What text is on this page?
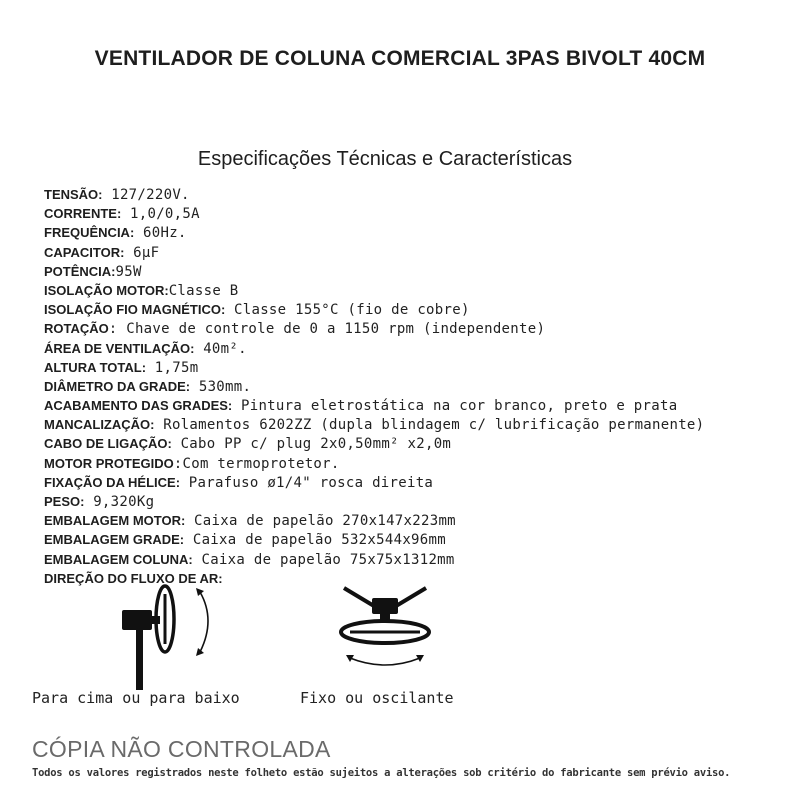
VENTILADOR DE COLUNA COMERCIAL 3PAS BIVOLT 40CM
Especificações Técnicas e Características
TENSÃO: 127/220V.
CORRENTE: 1,0/0,5A
FREQUÊNCIA: 60Hz.
CAPACITOR: 6µF
POTÊNCIA:95W
ISOLAÇÃO MOTOR:Classe B
ISOLAÇÃO FIO MAGNÉTICO: Classe 155°C (fio de cobre)
ROTAÇÃO: Chave de controle de 0 a 1150 rpm (independente)
ÁREA DE VENTILAÇÃO: 40m².
ALTURA TOTAL: 1,75m
DIÂMETRO DA GRADE: 530mm.
ACABAMENTO DAS GRADES: Pintura eletrostática na cor branco, preto e prata
MANCALIZAÇÃO: Rolamentos 6202ZZ (dupla blindagem c/ lubrificação permanente)
CABO DE LIGAÇÃO: Cabo PP c/ plug 2x0,50mm² x2,0m
MOTOR PROTEGIDO:Com termoprotetor.
FIXAÇÃO DA HÉLICE: Parafuso ø1/4" rosca direita
PESO: 9,320Kg
EMBALAGEM MOTOR: Caixa de papelão 270x147x223mm
EMBALAGEM GRADE: Caixa de papelão 532x544x96mm
EMBALAGEM COLUNA: Caixa de papelão 75x75x1312mm
DIREÇÃO DO FLUXO DE AR:
Para cima ou para baixo	Fixo ou oscilante
CÓPIA NÃO CONTROLADA
Todos os valores registrados neste folheto estão sujeitos a alterações sob critério do fabricante sem prévio aviso.
